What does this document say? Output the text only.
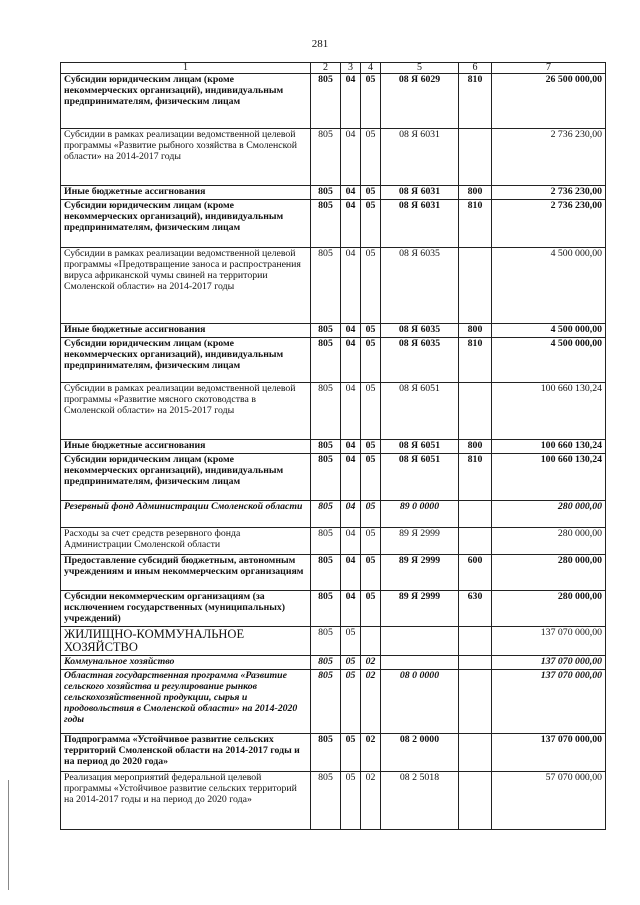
281
1	2	3	4	5	6	7
Субсидии юридическим лицам (кроме некоммерческих организаций), индивидуальным предпринимателям, физическим лицам	805	04	05	08 Я 6029	810	26 500 000,00
Субсидии в рамках реализации ведомственной целевой программы «Развитие рыбного хозяйства в Смоленской области» на 2014-2017 годы	805	04	05	08 Я 6031		2 736 230,00
Иные бюджетные ассигнования	805	04	05	08 Я 6031	800	2 736 230,00
Субсидии юридическим лицам (кроме некоммерческих организаций), индивидуальным предпринимателям, физическим лицам	805	04	05	08 Я 6031	810	2 736 230,00
Субсидии в рамках реализации ведомственной целевой программы «Предотвращение заноса и распространения вируса африканской чумы свиней на территории Смоленской области» на 2014-2017 годы	805	04	05	08 Я 6035		4 500 000,00
Иные бюджетные ассигнования	805	04	05	08 Я 6035	800	4 500 000,00
Субсидии юридическим лицам (кроме некоммерческих организаций), индивидуальным предпринимателям, физическим лицам	805	04	05	08 Я 6035	810	4 500 000,00
Субсидии в рамках реализации ведомственной целевой программы «Развитие мясного скотоводства в Смоленской области» на 2015-2017 годы	805	04	05	08 Я 6051		100 660 130,24
Иные бюджетные ассигнования	805	04	05	08 Я 6051	800	100 660 130,24
Субсидии юридическим лицам (кроме некоммерческих организаций), индивидуальным предпринимателям, физическим лицам	805	04	05	08 Я 6051	810	100 660 130,24
Резервный фонд Администрации Смоленской области	805	04	05	89 0 0000		280 000,00
Расходы за счет средств резервного фонда Администрации Смоленской области	805	04	05	89 Я 2999		280 000,00
Предоставление субсидий бюджетным, автономным учреждениям и иным некоммерческим организациям	805	04	05	89 Я 2999	600	280 000,00
Субсидии некоммерческим организациям (за исключением государственных (муниципальных) учреждений)	805	04	05	89 Я 2999	630	280 000,00
ЖИЛИЩНО-КОММУНАЛЬНОЕ ХОЗЯЙСТВО	805	05				137 070 000,00
Коммунальное хозяйство	805	05	02			137 070 000,00
Областная государственная программа «Развитие сельского хозяйства и регулирование рынков сельскохозяйственной продукции, сырья и продовольствия в Смоленской области» на 2014-2020 годы	805	05	02	08 0 0000		137 070 000,00
Подпрограмма «Устойчивое развитие сельских территорий Смоленской области на 2014-2017 годы и на период до 2020 года»	805	05	02	08 2 0000		137 070 000,00
Реализация мероприятий федеральной целевой программы «Устойчивое развитие сельских территорий на 2014-2017 годы и на период до 2020 года»	805	05	02	08 2 5018		57 070 000,00
